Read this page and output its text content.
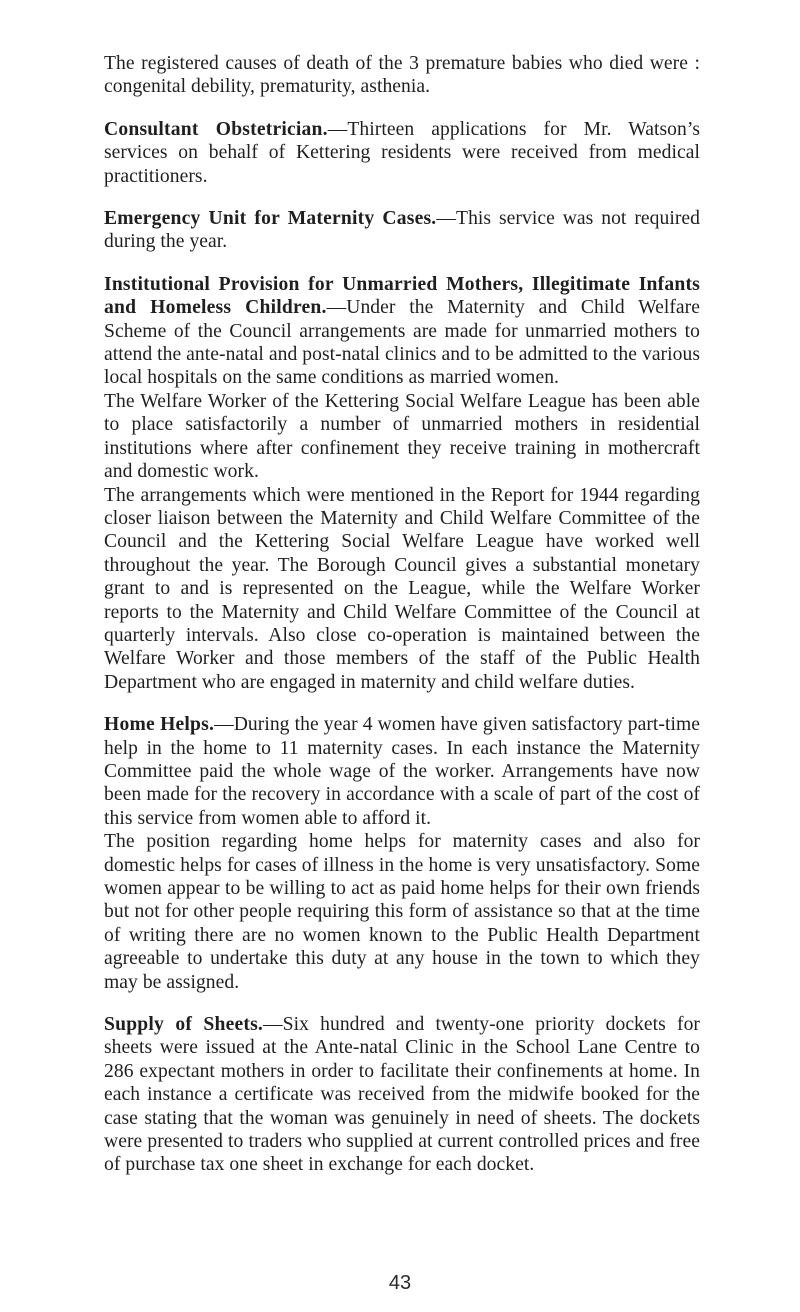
The registered causes of death of the 3 premature babies who died were : congenital debility, prematurity, asthenia.

Consultant Obstetrician.—Thirteen applications for Mr. Watson’s services on behalf of Kettering residents were received from medical practitioners.

Emergency Unit for Maternity Cases.—This service was not required during the year.

Institutional Provision for Unmarried Mothers, Illegitimate Infants and Homeless Children.—Under the Maternity and Child Welfare Scheme of the Council arrangements are made for unmarried mothers to attend the ante-natal and post-natal clinics and to be admitted to the various local hospitals on the same conditions as married women.

The Welfare Worker of the Kettering Social Welfare League has been able to place satisfactorily a number of unmarried mothers in residential institutions where after confinement they receive training in mothercraft and domestic work.

The arrangements which were mentioned in the Report for 1944 regarding closer liaison between the Maternity and Child Welfare Committee of the Council and the Kettering Social Welfare League have worked well throughout the year. The Borough Council gives a substantial monetary grant to and is represented on the League, while the Welfare Worker reports to the Maternity and Child Welfare Committee of the Council at quarterly intervals. Also close co-operation is maintained between the Welfare Worker and those members of the staff of the Public Health Department who are engaged in maternity and child welfare duties.

Home Helps.—During the year 4 women have given satisfactory part-time help in the home to 11 maternity cases. In each instance the Maternity Committee paid the whole wage of the worker. Arrangements have now been made for the recovery in accordance with a scale of part of the cost of this service from women able to afford it.

The position regarding home helps for maternity cases and also for domestic helps for cases of illness in the home is very unsatisfactory. Some women appear to be willing to act as paid home helps for their own friends but not for other people requiring this form of assistance so that at the time of writing there are no women known to the Public Health Department agreeable to undertake this duty at any house in the town to which they may be assigned.

Supply of Sheets.—Six hundred and twenty-one priority dockets for sheets were issued at the Ante-natal Clinic in the School Lane Centre to 286 expectant mothers in order to facilitate their confinements at home. In each instance a certificate was received from the midwife booked for the case stating that the woman was genuinely in need of sheets. The dockets were presented to traders who supplied at current controlled prices and free of purchase tax one sheet in exchange for each docket.

43
